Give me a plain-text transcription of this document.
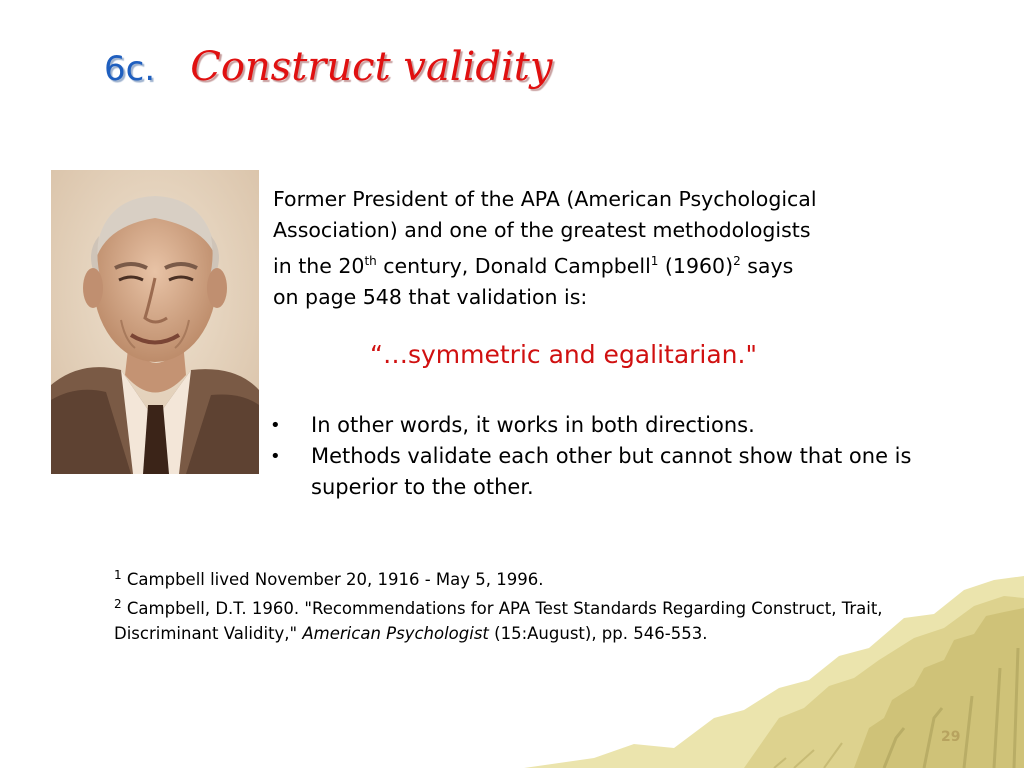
6c. Construct validity
Former President of the APA (American Psychological
Association) and one of the greatest methodologists
in the 20th century, Donald Campbell$^1$ $(1960)^2$ says
on page 548 that validation is:
“…symmetric and egalitarian."
• In other words, it works in both directions.
• Methods validate each other but cannot show that one is superior to the other.
$^1$ Campbell lived November 20, 1916 - May 5, 1996.
$^2$ Campbell, D.T. 1960. "Recommendations for APA Test Standards Regarding Construct, Trait, Discriminant Validity," American Psychologist (15:August), pp. 546-553.
29
